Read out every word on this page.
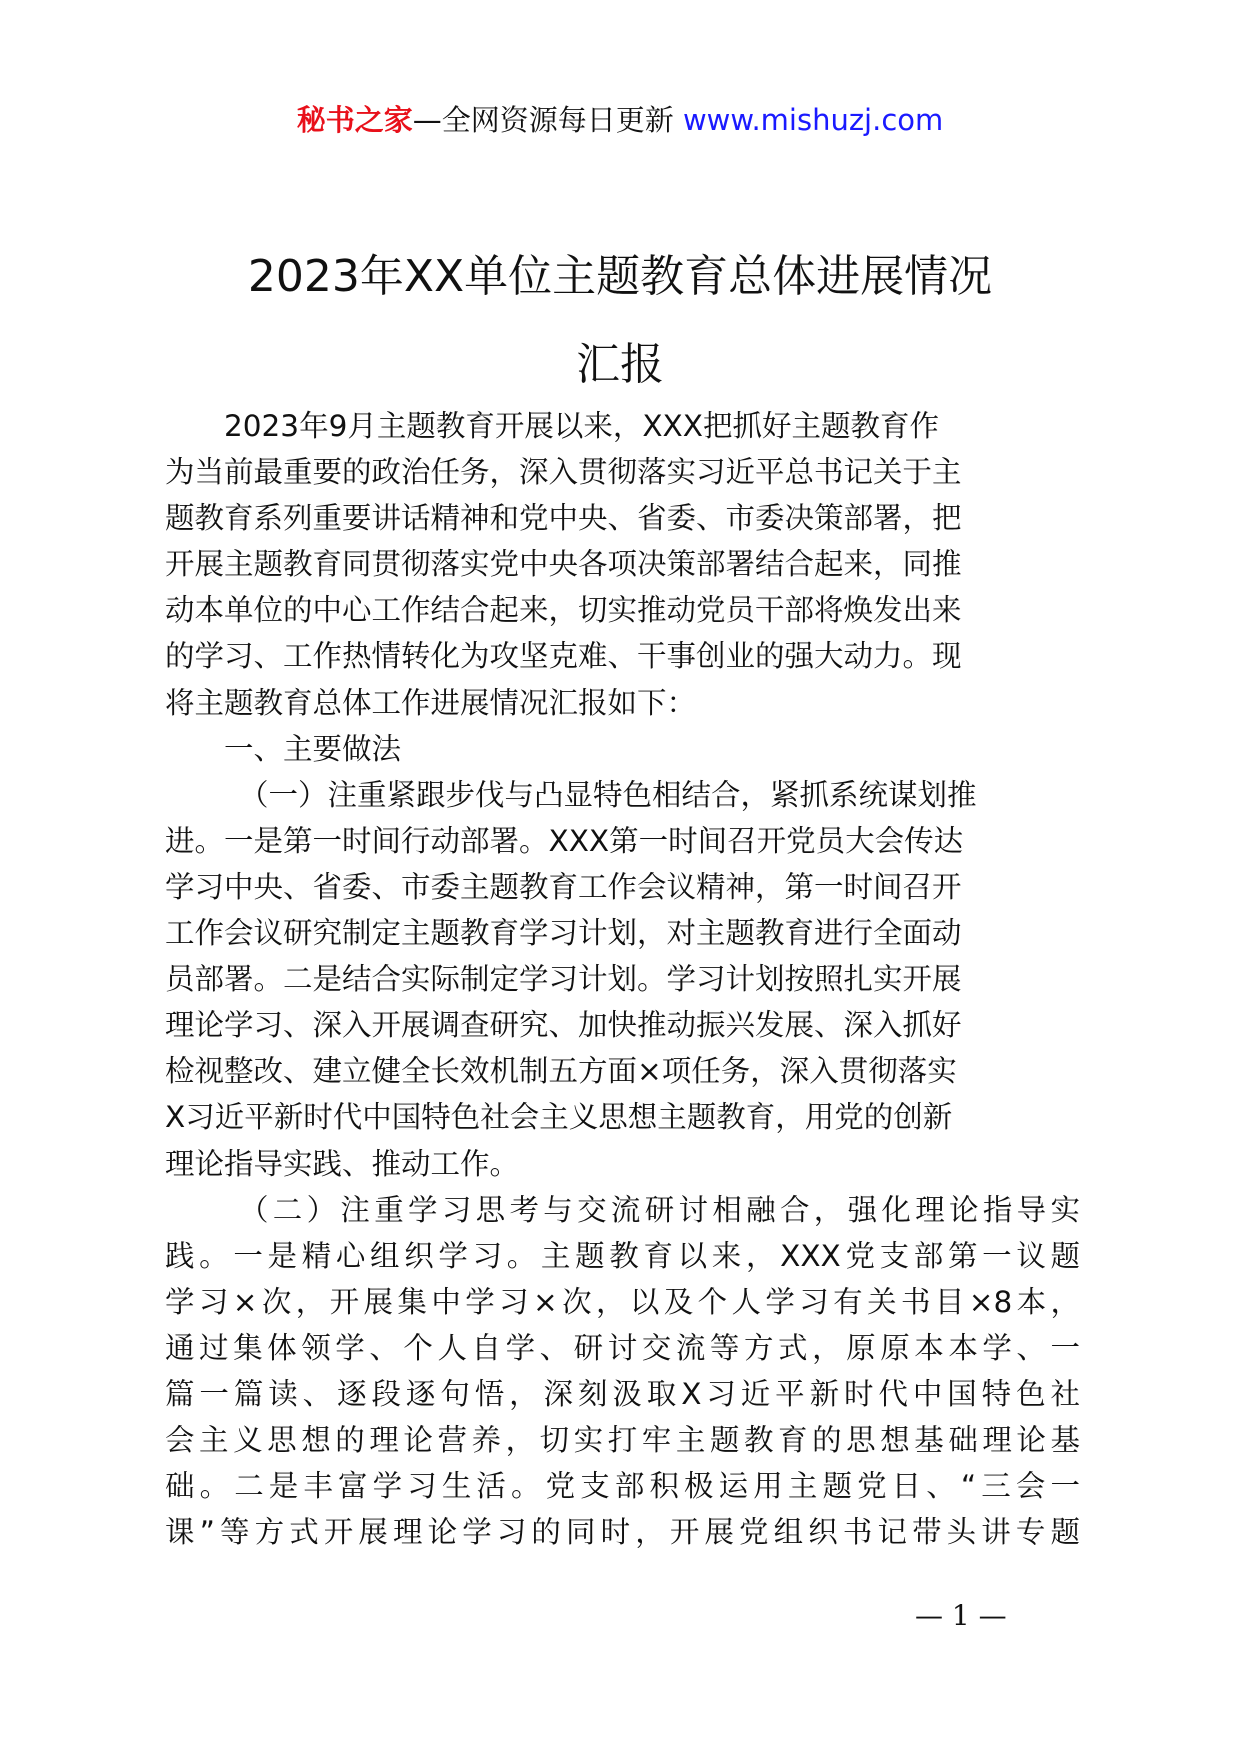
秘书之家—全网资源每日更新 www.mishuzj.com
2023年XX单位主题教育总体进展情况
汇报
2023年9月主题教育开展以来，XXX把抓好主题教育作
为当前最重要的政治任务，深入贯彻落实习近平总书记关于主
题教育系列重要讲话精神和党中央、省委、市委决策部署，把
开展主题教育同贯彻落实党中央各项决策部署结合起来，同推
动本单位的中心工作结合起来，切实推动党员干部将焕发出来
的学习、工作热情转化为攻坚克难、干事创业的强大动力。现
将主题教育总体工作进展情况汇报如下：
一、主要做法
（一）注重紧跟步伐与凸显特色相结合，紧抓系统谋划推
进。一是第一时间行动部署。XXX第一时间召开党员大会传达
学习中央、省委、市委主题教育工作会议精神，第一时间召开
工作会议研究制定主题教育学习计划，对主题教育进行全面动
员部署。二是结合实际制定学习计划。学习计划按照扎实开展
理论学习、深入开展调查研究、加快推动振兴发展、深入抓好
检视整改、建立健全长效机制五方面×项任务，深入贯彻落实
X习近平新时代中国特色社会主义思想主题教育，用党的创新
理论指导实践、推动工作。
（二）注重学习思考与交流研讨相融合，强化理论指导实
践。一是精心组织学习。主题教育以来，XXX党支部第一议题
学习×次，开展集中学习×次，以及个人学习有关书目×8本，
通过集体领学、个人自学、研讨交流等方式，原原本本学、一
篇一篇读、逐段逐句悟，深刻汲取X习近平新时代中国特色社
会主义思想的理论营养，切实打牢主题教育的思想基础理论基
础。二是丰富学习生活。党支部积极运用主题党日、“三会一
课”等方式开展理论学习的同时，开展党组织书记带头讲专题
— 1 —
